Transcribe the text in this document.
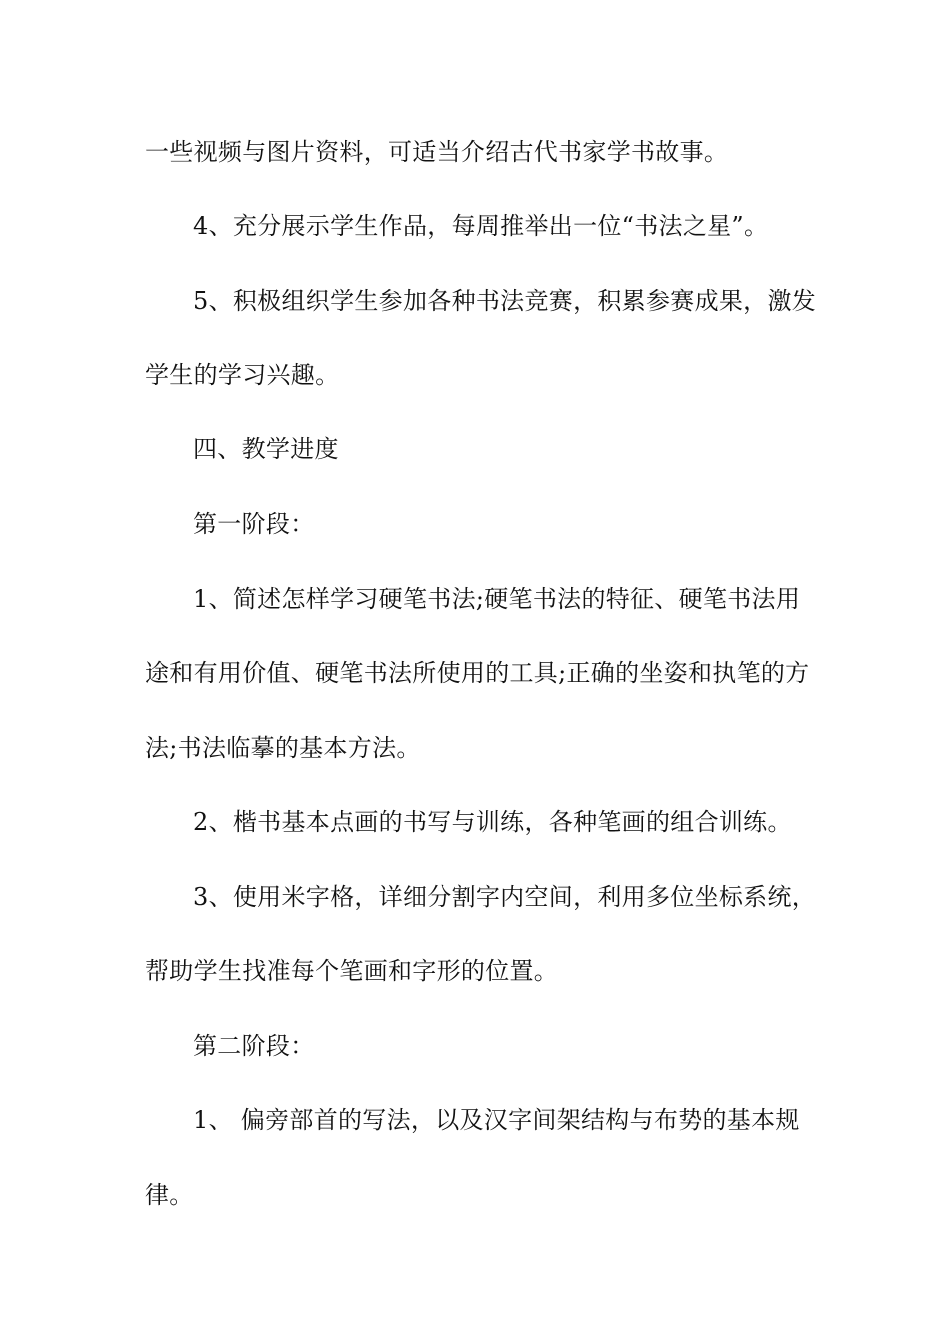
一些视频与图片资料，可适当介绍古代书家学书故事。
4、充分展示学生作品，每周推举出一位“书法之星”。
5、积极组织学生参加各种书法竞赛，积累参赛成果，激发
学生的学习兴趣。
四、教学进度
第一阶段：
1、简述怎样学习硬笔书法;硬笔书法的特征、硬笔书法用
途和有用价值、硬笔书法所使用的工具;正确的坐姿和执笔的方
法;书法临摹的基本方法。
2、楷书基本点画的书写与训练，各种笔画的组合训练。
3、使用米字格，详细分割字内空间，利用多位坐标系统，
帮助学生找准每个笔画和字形的位置。
第二阶段：
1、 偏旁部首的写法，以及汉字间架结构与布势的基本规
律。
